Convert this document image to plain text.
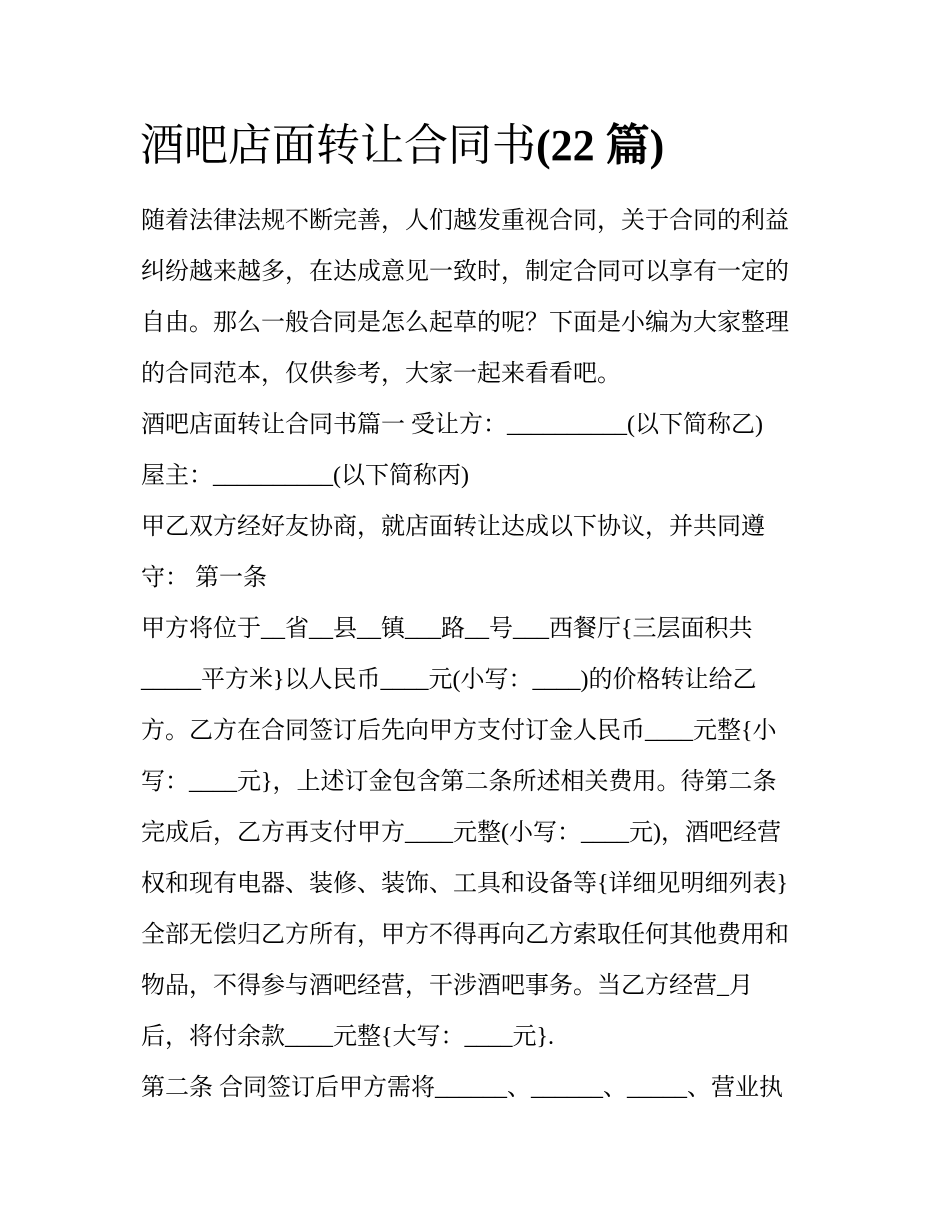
酒吧店面转让合同书(22 篇)

随着法律法规不断完善，人们越发重视合同，关于合同的利益

纠纷越来越多，在达成意见一致时，制定合同可以享有一定的

自由。那么一般合同是怎么起草的呢？下面是小编为大家整理

的合同范本，仅供参考，大家一起来看看吧。

酒吧店面转让合同书篇一 受让方：__________(以下简称乙)

屋主：__________(以下简称丙)

甲乙双方经好友协商，就店面转让达成以下协议，并共同遵

守： 第一条

甲方将位于__省__县__镇___路__号___西餐厅{三层面积共

_____平方米}以人民币____元(小写：____)的价格转让给乙

方。乙方在合同签订后先向甲方支付订金人民币____元整{小

写：____元}，上述订金包含第二条所述相关费用。待第二条

完成后，乙方再支付甲方____元整(小写：____元)，酒吧经营

权和现有电器、装修、装饰、工具和设备等{详细见明细列表}

全部无偿归乙方所有，甲方不得再向乙方索取任何其他费用和

物品，不得参与酒吧经营，干涉酒吧事务。当乙方经营_月

后，将付余款____元整{大写：____元}.

第二条 合同签订后甲方需将______、______、_____、营业执
